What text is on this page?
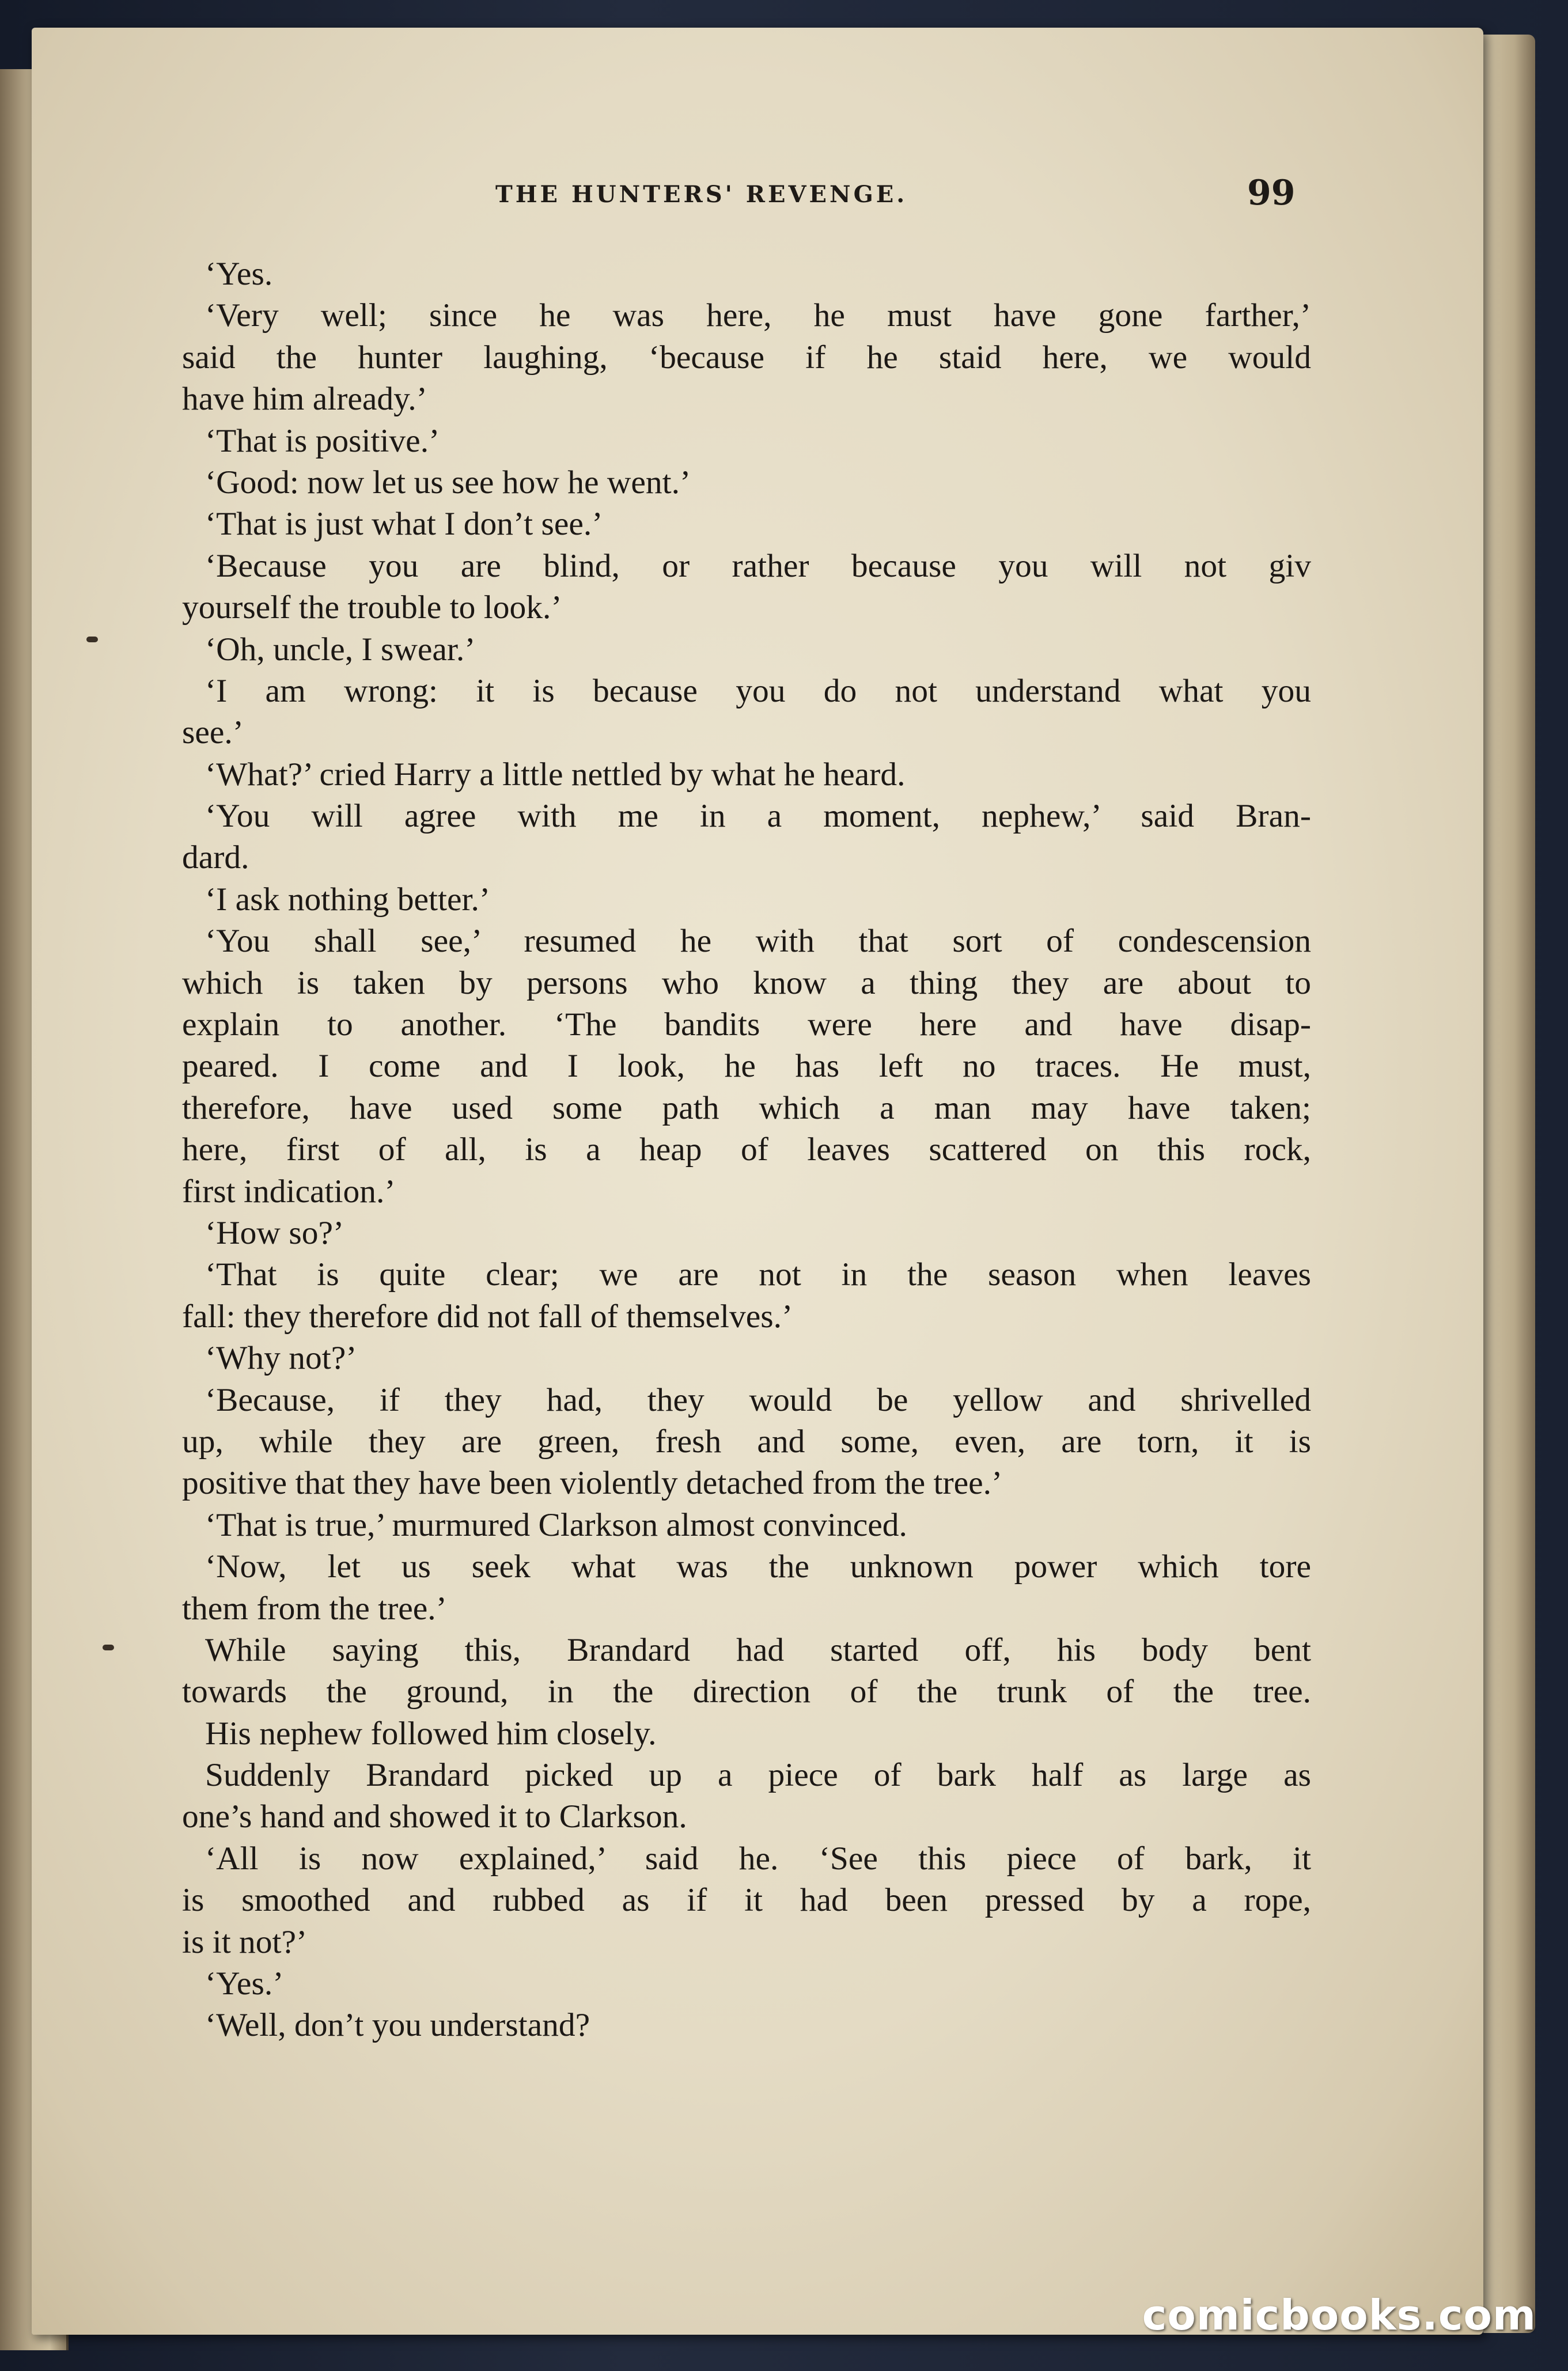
THE HUNTERS' REVENGE.	99
‘Yes.
‘Very well; since he was here, he must have gone farther,’
said the hunter laughing, ‘because if he staid here, we would
have him already.’
‘That is positive.’
‘Good: now let us see how he went.’
‘That is just what I don’t see.’
‘Because you are blind, or rather because you will not giv
yourself the trouble to look.’
‘Oh, uncle, I swear.’
‘I am wrong: it is because you do not understand what you
see.’
‘What?’ cried Harry a little nettled by what he heard.
‘You will agree with me in a moment, nephew,’ said Bran-
dard.
‘I ask nothing better.’
‘You shall see,’ resumed he with that sort of condescension
which is taken by persons who know a thing they are about to
explain to another. ‘The bandits were here and have disap-
peared. I come and I look, he has left no traces. He must,
therefore, have used some path which a man may have taken;
here, first of all, is a heap of leaves scattered on this rock,
first indication.’
‘How so?’
‘That is quite clear; we are not in the season when leaves
fall: they therefore did not fall of themselves.’
‘Why not?’
‘Because, if they had, they would be yellow and shrivelled
up, while they are green, fresh and some, even, are torn, it is
positive that they have been violently detached from the tree.’
‘That is true,’ murmured Clarkson almost convinced.
‘Now, let us seek what was the unknown power which tore
them from the tree.’
While saying this, Brandard had started off, his body bent
towards the ground, in the direction of the trunk of the tree.
His nephew followed him closely.
Suddenly Brandard picked up a piece of bark half as large as
one’s hand and showed it to Clarkson.
‘All is now explained,’ said he. ‘See this piece of bark, it
is smoothed and rubbed as if it had been pressed by a rope,
is it not?’
‘Yes.’
‘Well, don’t you understand?
comicbooks.com
